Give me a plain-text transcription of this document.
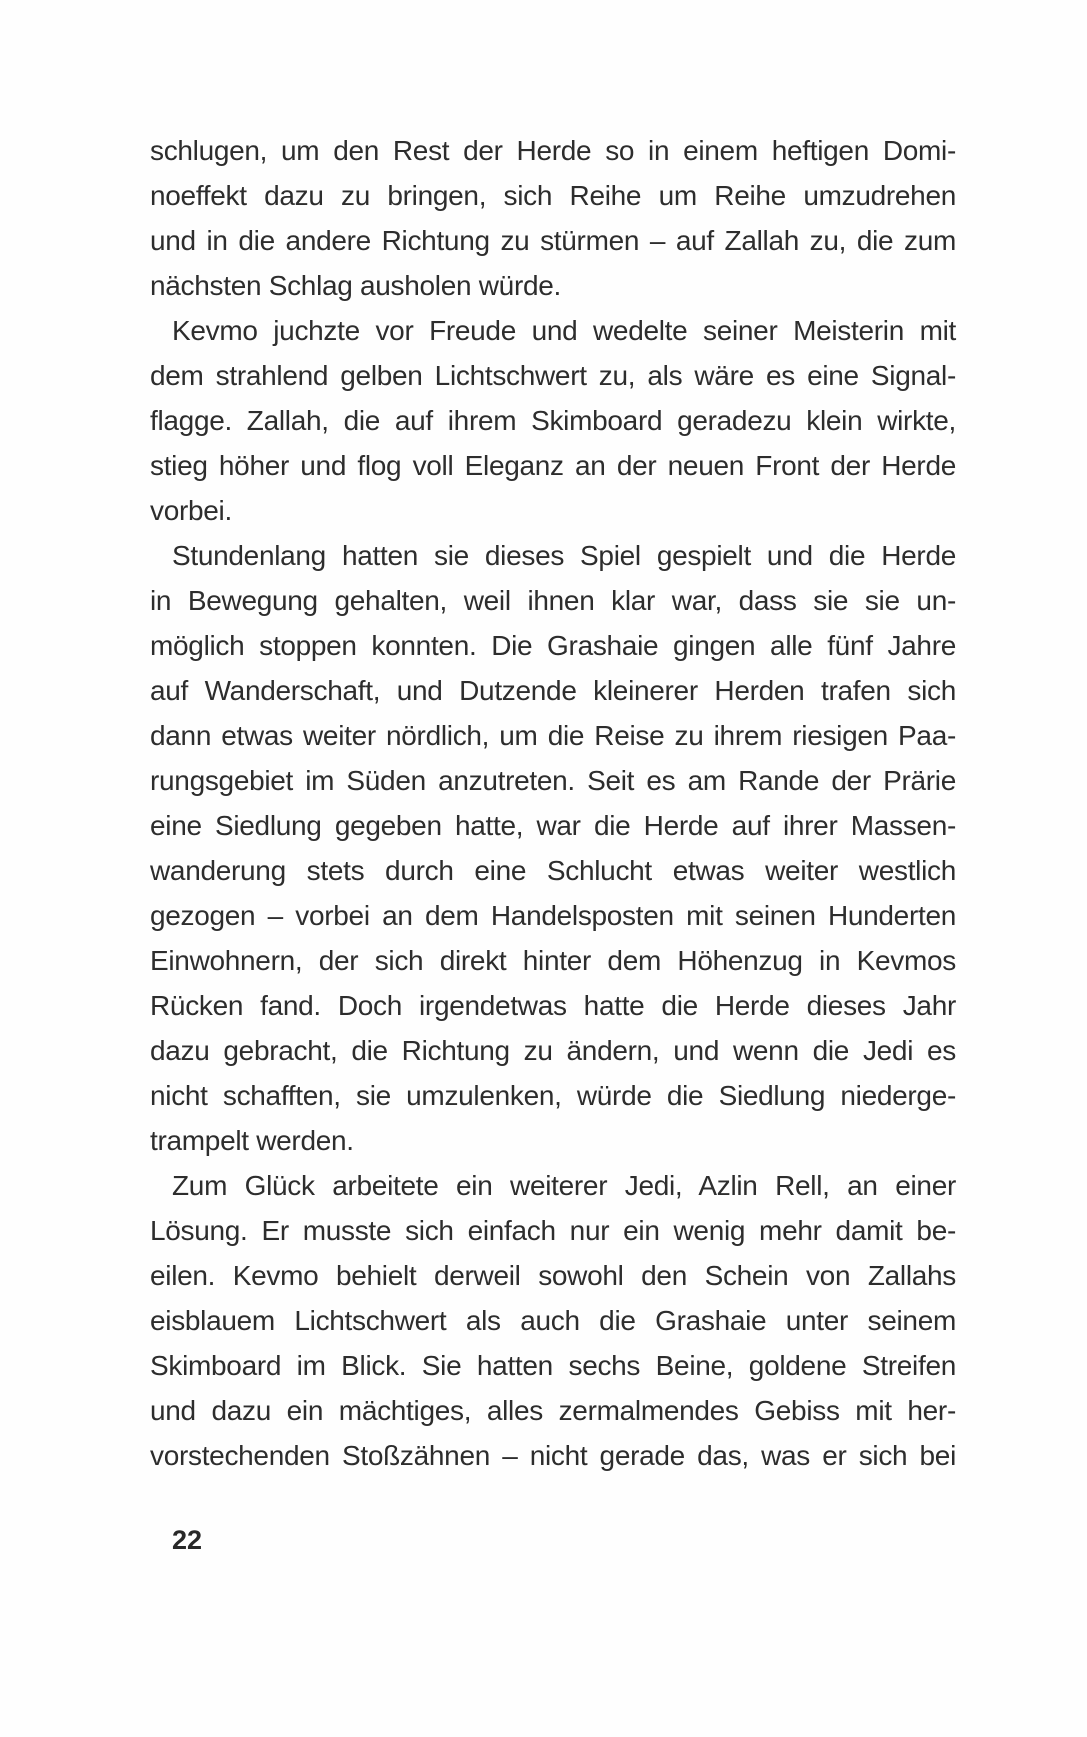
schlugen, um den Rest der Herde so in einem heftigen Domi-
noeffekt dazu zu bringen, sich Reihe um Reihe umzudrehen
und in die andere Richtung zu stürmen – auf Zallah zu, die zum
nächsten Schlag ausholen würde.

Kevmo juchzte vor Freude und wedelte seiner Meisterin mit
dem strahlend gelben Lichtschwert zu, als wäre es eine Signal-
flagge. Zallah, die auf ihrem Skimboard geradezu klein wirkte,
stieg höher und flog voll Eleganz an der neuen Front der Herde
vorbei.

Stundenlang hatten sie dieses Spiel gespielt und die Herde
in Bewegung gehalten, weil ihnen klar war, dass sie sie un-
möglich stoppen konnten. Die Grashaie gingen alle fünf Jahre
auf Wanderschaft, und Dutzende kleinerer Herden trafen sich
dann etwas weiter nördlich, um die Reise zu ihrem riesigen Paa-
rungsgebiet im Süden anzutreten. Seit es am Rande der Prärie
eine Siedlung gegeben hatte, war die Herde auf ihrer Massen-
wanderung stets durch eine Schlucht etwas weiter westlich
gezogen – vorbei an dem Handelsposten mit seinen Hunderten
Einwohnern, der sich direkt hinter dem Höhenzug in Kevmos
Rücken fand. Doch irgendetwas hatte die Herde dieses Jahr
dazu gebracht, die Richtung zu ändern, und wenn die Jedi es
nicht schafften, sie umzulenken, würde die Siedlung niederge-
trampelt werden.

Zum Glück arbeitete ein weiterer Jedi, Azlin Rell, an einer
Lösung. Er musste sich einfach nur ein wenig mehr damit be-
eilen. Kevmo behielt derweil sowohl den Schein von Zallahs
eisblauem Lichtschwert als auch die Grashaie unter seinem
Skimboard im Blick. Sie hatten sechs Beine, goldene Streifen
und dazu ein mächtiges, alles zermalmendes Gebiss mit her-
vorstechenden Stoßzähnen – nicht gerade das, was er sich bei

22
